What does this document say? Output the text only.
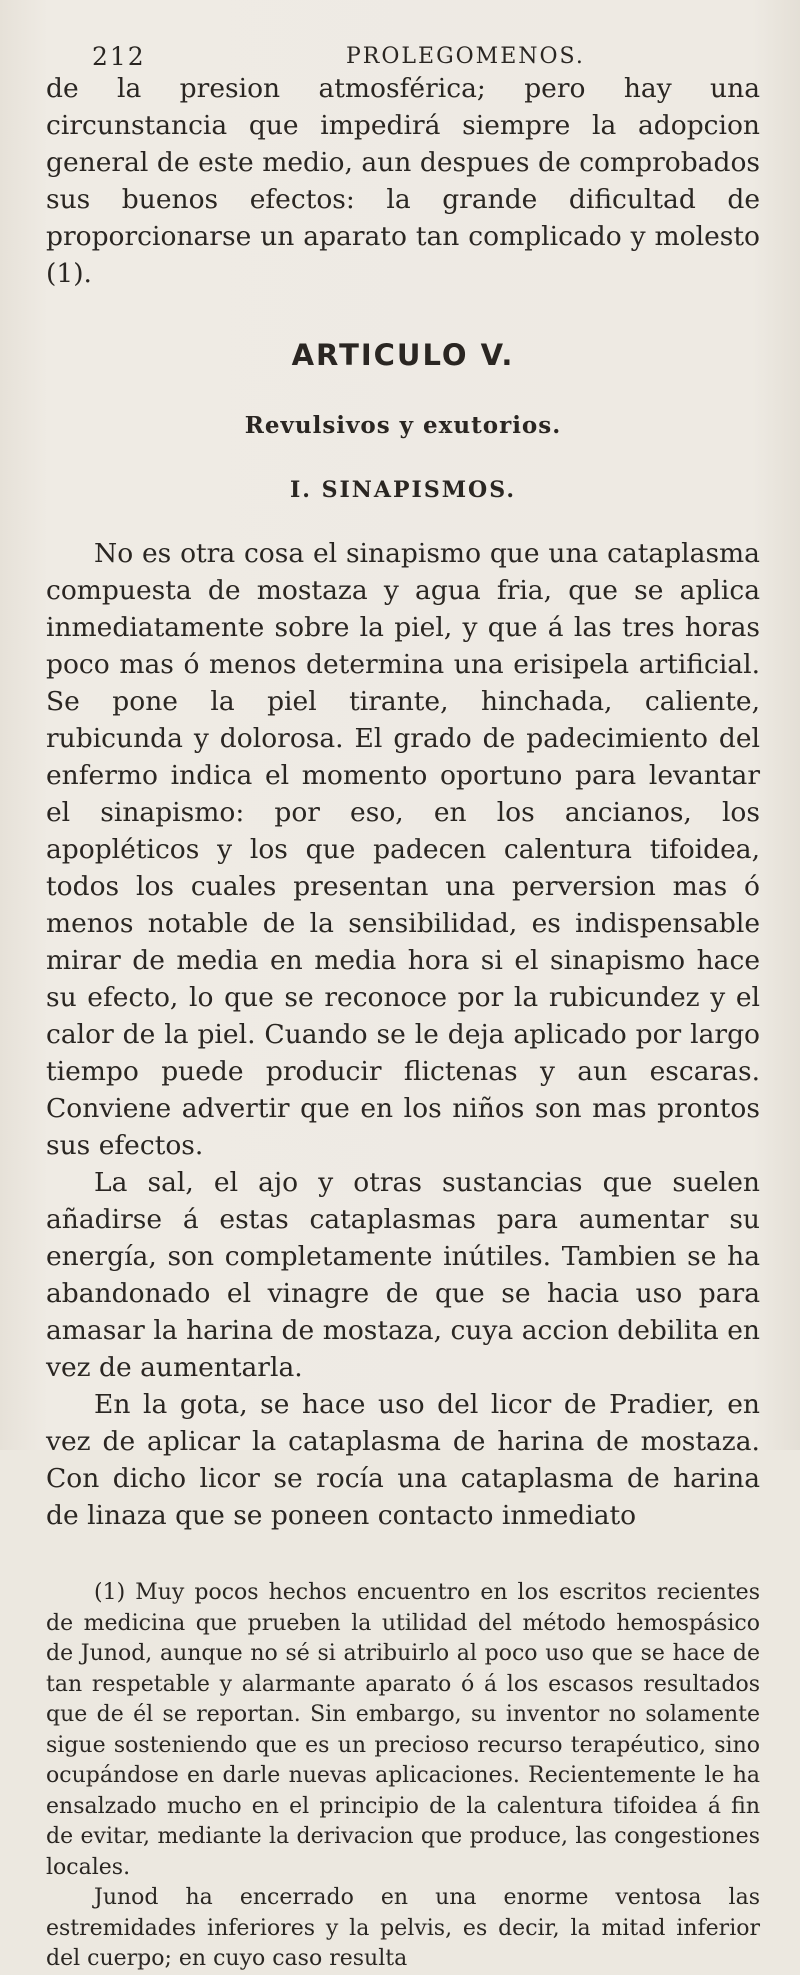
212	PROLEGOMENOS.

de la presion atmosférica; pero hay una circunstancia que impedirá siempre la adopcion general de este medio, aun despues de comprobados sus buenos efectos: la grande dificultad de proporcionarse un aparato tan complicado y molesto (1).

ARTICULO V.
Revulsivos y exutorios.
I. SINAPISMOS.

No es otra cosa el sinapismo que una cataplasma compuesta de mostaza y agua fria, que se aplica inmediatamente sobre la piel, y que á las tres horas poco mas ó menos determina una erisipela artificial. Se pone la piel tirante, hinchada, caliente, rubicunda y dolorosa. El grado de padecimiento del enfermo indica el momento oportuno para levantar el sinapismo: por eso, en los ancianos, los apopléticos y los que padecen calentura tifoidea, todos los cuales presentan una perversion mas ó menos notable de la sensibilidad, es indispensable mirar de media en media hora si el sinapismo hace su efecto, lo que se reconoce por la rubicundez y el calor de la piel. Cuando se le deja aplicado por largo tiempo puede producir flictenas y aun escaras. Conviene advertir que en los niños son mas prontos sus efectos.

La sal, el ajo y otras sustancias que suelen añadirse á estas cataplasmas para aumentar su energía, son completamente inútiles. Tambien se ha abandonado el vinagre de que se hacia uso para amasar la harina de mostaza, cuya accion debilita en vez de aumentarla.

En la gota, se hace uso del licor de Pradier, en vez de aplicar la cataplasma de harina de mostaza. Con dicho licor se rocía una cataplasma de harina de linaza que se poneen contacto inmediato

(1) Muy pocos hechos encuentro en los escritos recientes de medicina que prueben la utilidad del método hemospásico de Junod, aunque no sé si atribuirlo al poco uso que se hace de tan respetable y alarmante aparato ó á los escasos resultados que de él se reportan. Sin embargo, su inventor no solamente sigue sosteniendo que es un precioso recurso terapéutico, sino ocupándose en darle nuevas aplicaciones. Recientemente le ha ensalzado mucho en el principio de la calentura tifoidea á fin de evitar, mediante la derivacion que produce, las congestiones locales.

Junod ha encerrado en una enorme ventosa las estremidades inferiores y la pelvis, es decir, la mitad inferior del cuerpo; en cuyo caso resulta
